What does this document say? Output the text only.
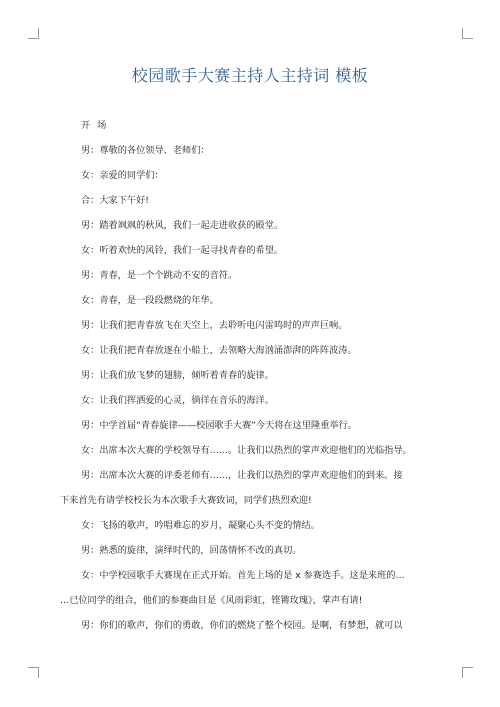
校园歌手大赛主持人主持词 模板
开 场
男：尊敬的各位领导、老师们：
女：亲爱的同学们：
合：大家下午好!
男：踏着飒飒的秋风，我们一起走进收获的殿堂。
女：听着欢快的风铃，我们一起寻找青春的希望。
男：青春，是一个个跳动不安的音符。
女：青春，是一段段燃烧的年华。
男：让我们把青春放飞在天空上，去聆听电闪雷鸣时的声声巨响。
女：让我们把青春放逐在小船上，去领略大海汹涌澎湃的阵阵波涛。
男：让我们放飞梦的翅膀，倾听着青春的旋律。
女：让我们挥洒爱的心灵，徜徉在音乐的海洋。
男：中学首届“青春旋律——校园歌手大赛”今天将在这里隆重举行。
女：出席本次大赛的学校领导有……。让我们以热烈的掌声欢迎他们的光临指导。
男：出席本次大赛的评委老师有……，让我们以热烈的掌声欢迎他们的到来。接
下来首先有请学校校长为本次歌手大赛致词，同学们热烈欢迎!
女：飞扬的歌声，吟唱难忘的岁月，凝聚心头不变的情结。
男：熟悉的旋律，演绎时代的，回荡情怀不改的真切。
女：中学校园歌手大赛现在正式开始。首先上场的是 x 参赛选手。这是来班的…
…已位同学的组合，他们的参赛曲目是《风雨彩虹，铿锵玫瑰》，掌声有请!
男：你们的歌声，你们的勇敢，你们的燃烧了整个校园。是啊，有梦想，就可以
